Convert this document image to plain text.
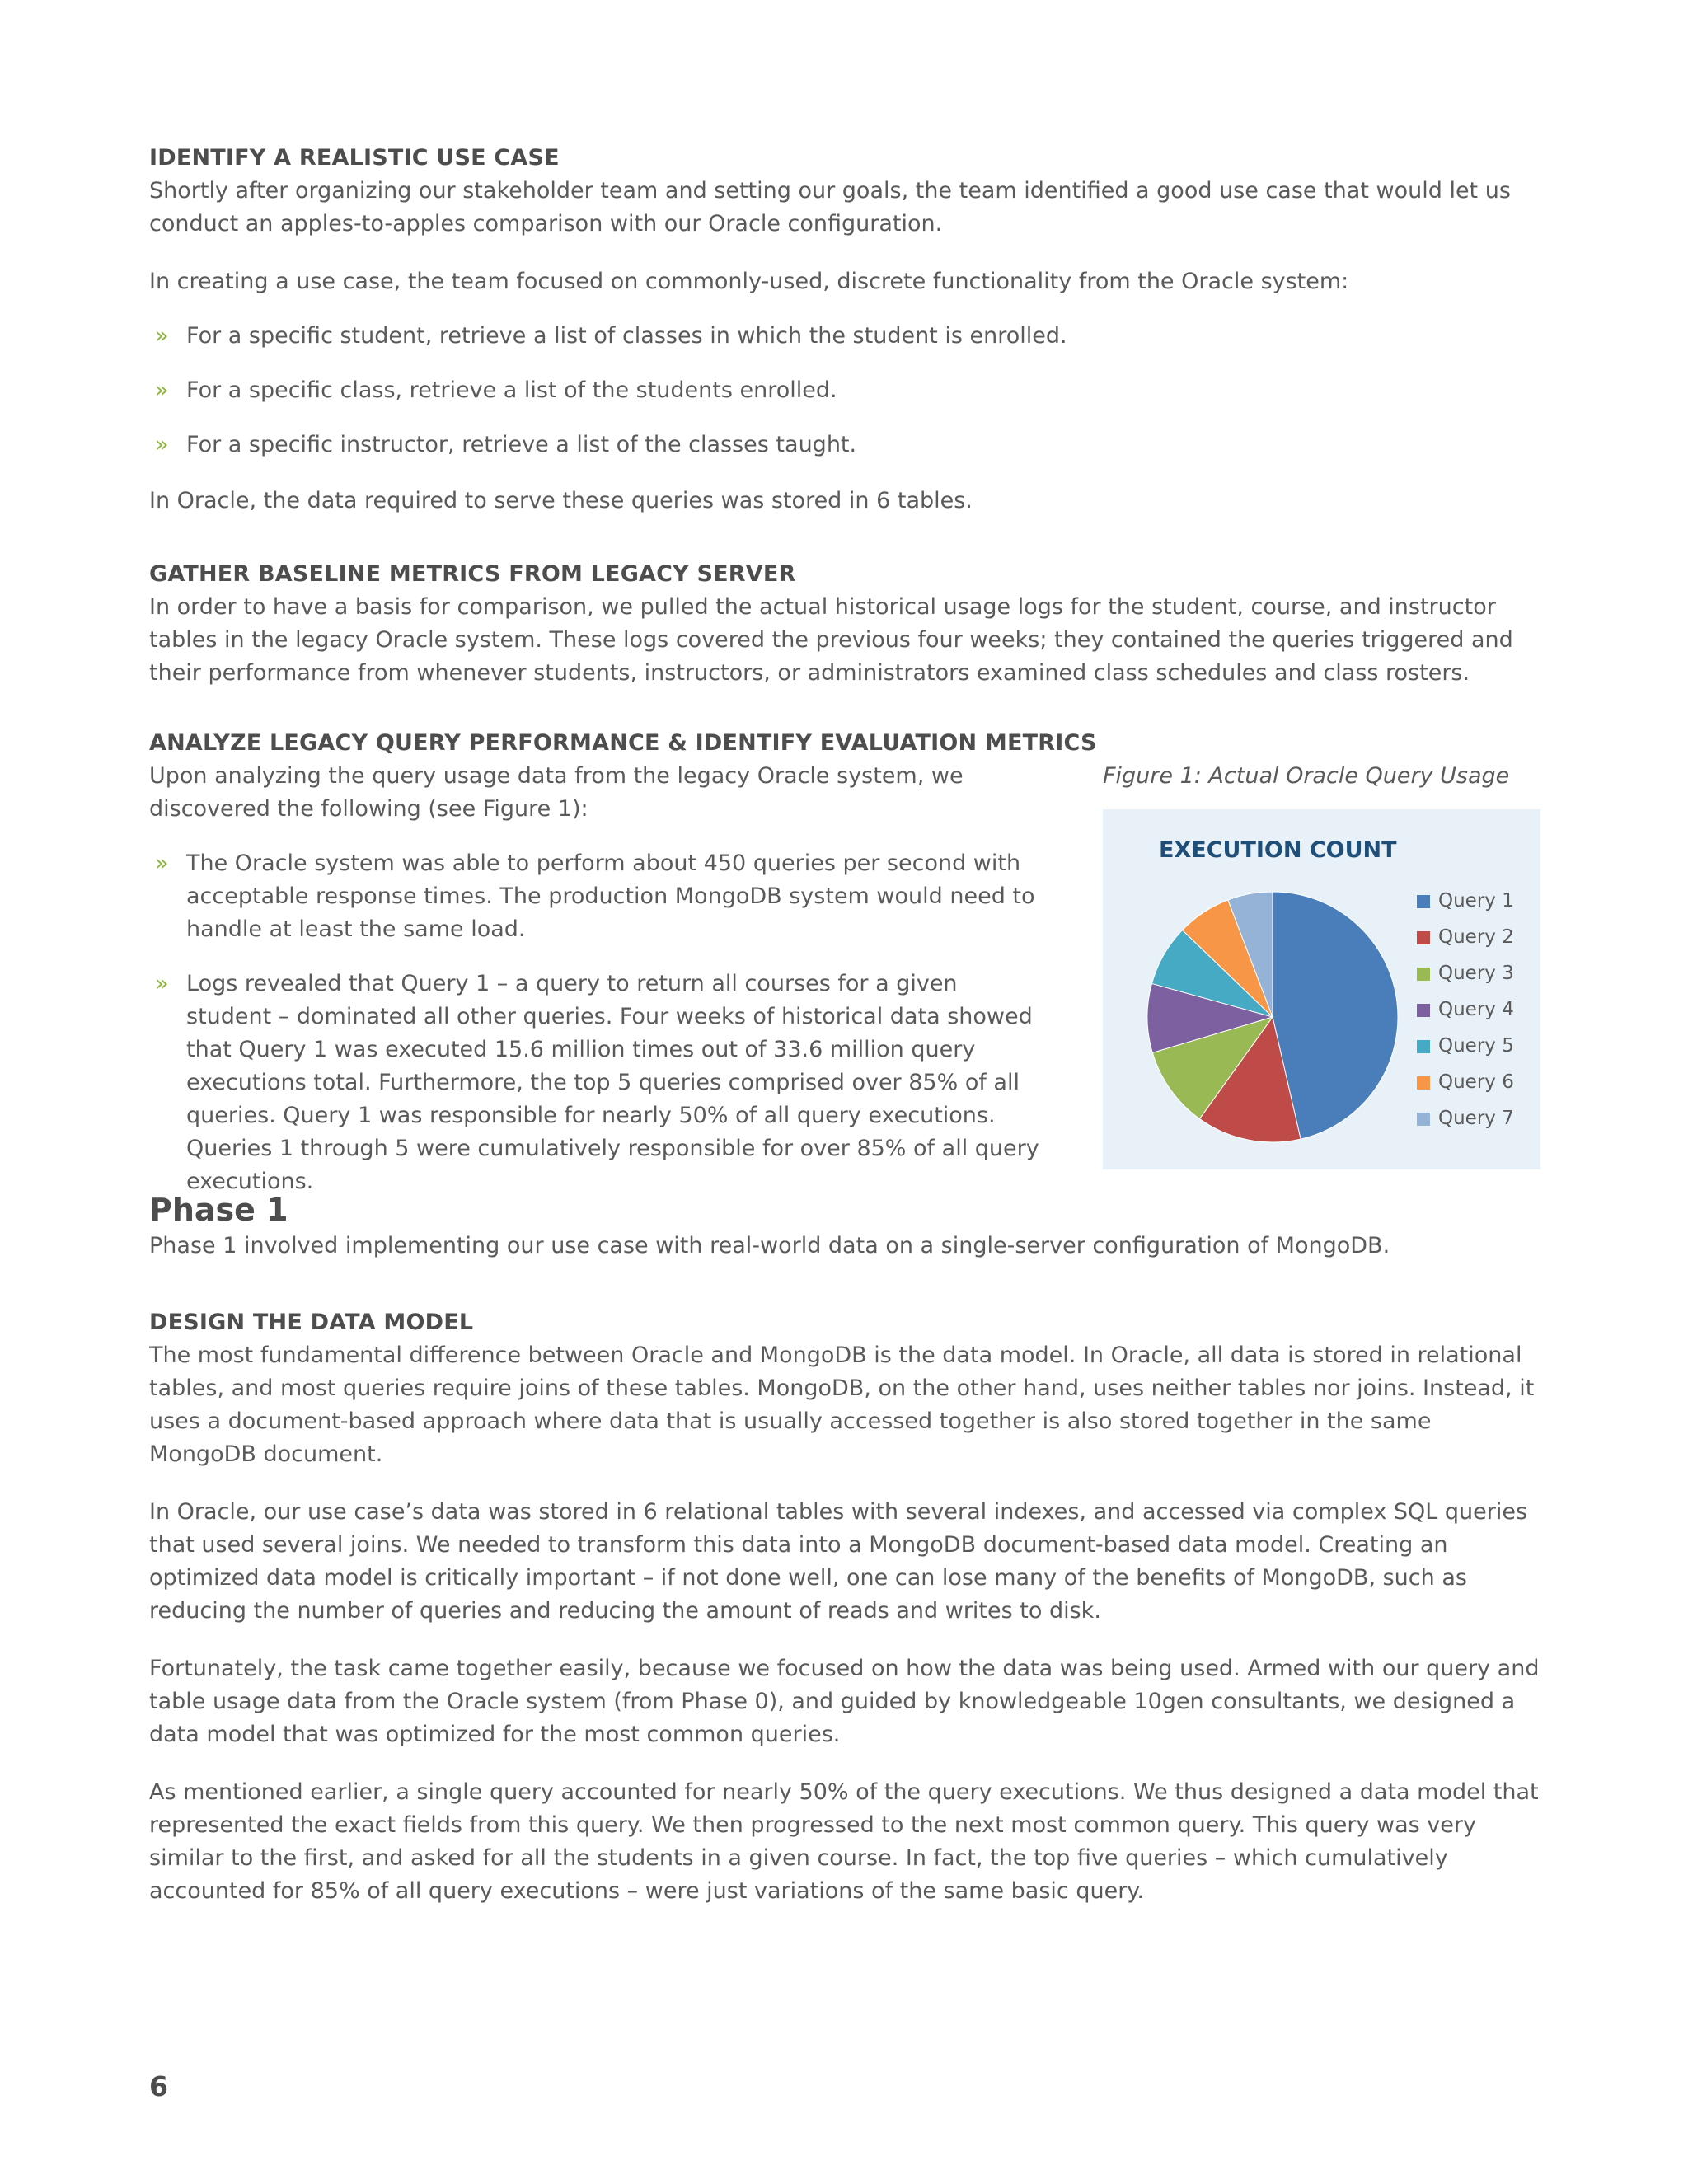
IDENTIFY A REALISTIC USE CASE

Shortly after organizing our stakeholder team and setting our goals, the team identified a good use case that would let us conduct an apples-to-apples comparison with our Oracle configuration.

In creating a use case, the team focused on commonly-used, discrete functionality from the Oracle system:

» For a specific student, retrieve a list of classes in which the student is enrolled.
» For a specific class, retrieve a list of the students enrolled.
» For a specific instructor, retrieve a list of the classes taught.

In Oracle, the data required to serve these queries was stored in 6 tables.

GATHER BASELINE METRICS FROM LEGACY SERVER

In order to have a basis for comparison, we pulled the actual historical usage logs for the student, course, and instructor tables in the legacy Oracle system. These logs covered the previous four weeks; they contained the queries triggered and their performance from whenever students, instructors, or administrators examined class schedules and class rosters.

ANALYZE LEGACY QUERY PERFORMANCE & IDENTIFY EVALUATION METRICS

Upon analyzing the query usage data from the legacy Oracle system, we discovered the following (see Figure 1):

» The Oracle system was able to perform about 450 queries per second with acceptable response times. The production MongoDB system would need to handle at least the same load.
» Logs revealed that Query 1 – a query to return all courses for a given student – dominated all other queries. Four weeks of historical data showed that Query 1 was executed 15.6 million times out of 33.6 million query executions total. Furthermore, the top 5 queries comprised over 85% of all queries. Query 1 was responsible for nearly 50% of all query executions. Queries 1 through 5 were cumulatively responsible for over 85% of all query executions.
Figure 1: Actual Oracle Query Usage
EXECUTION COUNT
Query 1
Query 2
Query 3
Query 4
Query 5
Query 6
Query 7
Phase 1

Phase 1 involved implementing our use case with real-world data on a single-server configuration of MongoDB.

DESIGN THE DATA MODEL

The most fundamental difference between Oracle and MongoDB is the data model. In Oracle, all data is stored in relational tables, and most queries require joins of these tables. MongoDB, on the other hand, uses neither tables nor joins. Instead, it uses a document-based approach where data that is usually accessed together is also stored together in the same MongoDB document.

In Oracle, our use case’s data was stored in 6 relational tables with several indexes, and accessed via complex SQL queries that used several joins. We needed to transform this data into a MongoDB document-based data model. Creating an optimized data model is critically important – if not done well, one can lose many of the benefits of MongoDB, such as reducing the number of queries and reducing the amount of reads and writes to disk.

Fortunately, the task came together easily, because we focused on how the data was being used. Armed with our query and table usage data from the Oracle system (from Phase 0), and guided by knowledgeable 10gen consultants, we designed a data model that was optimized for the most common queries.

As mentioned earlier, a single query accounted for nearly 50% of the query executions. We thus designed a data model that represented the exact fields from this query. We then progressed to the next most common query. This query was very similar to the first, and asked for all the students in a given course. In fact, the top five queries – which cumulatively accounted for 85% of all query executions – were just variations of the same basic query.

6
